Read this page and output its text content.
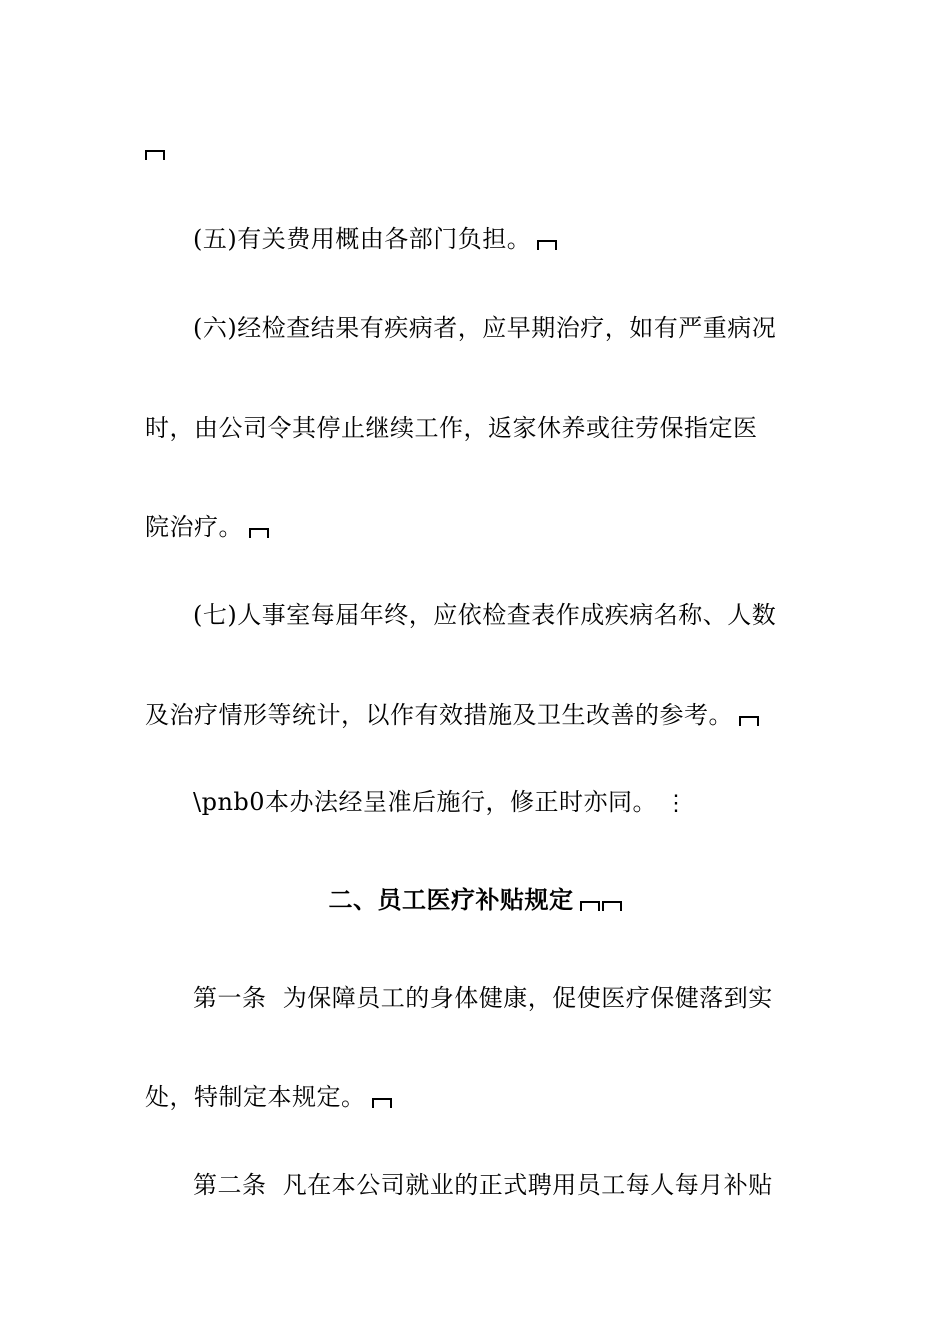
(五)有关费用概由各部门负担。
(六)经检查结果有疾病者，应早期治疗，如有严重病况
时，由公司令其停止继续工作，返家休养或往劳保指定医
院治疗。
(七)人事室每届年终，应依检查表作成疾病名称、人数
及治疗情形等统计，以作有效措施及卫生改善的参考。
\pnb0本办法经呈准后施行，修正时亦同。 ⋮
二、员工医疗补贴规定
第一条  为保障员工的身体健康，促使医疗保健落到实
处，特制定本规定。
第二条  凡在本公司就业的正式聘用员工每人每月补贴
